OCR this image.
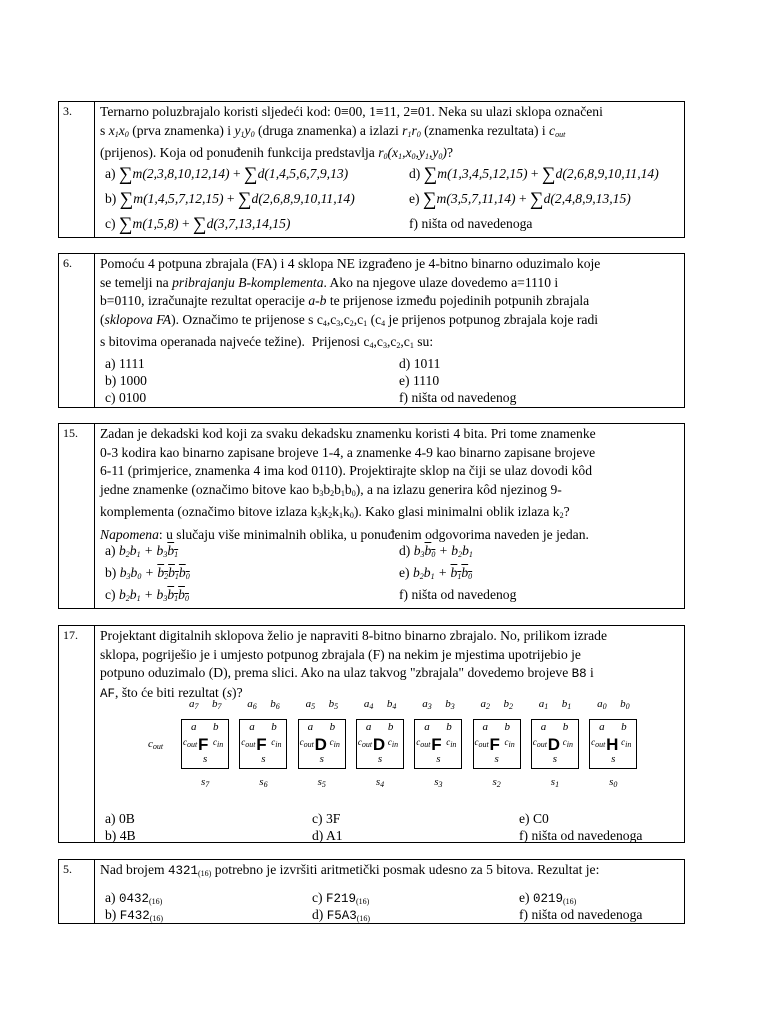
3.	Ternarno poluzbrajalo koristi sljedeći kod: 0≡00, 1≡11, 2≡01. Neka su ulazi sklopa označeni
s $x_1x_0$ (prva znamenka) i $y_1y_0$ (druga znamenka) a izlazi $r_1r_0$ (znamenka rezultata) i $c_{out}$
(prijenos). Koja od ponuđenih funkcija predstavlja $r_0(x_1,x_0,y_1,y_0)$?
a) ∑m(2,3,8,10,12,14) + ∑d(1,4,5,6,7,9,13)
b) ∑m(1,4,5,7,12,15) + ∑d(2,6,8,9,10,11,14)
c) ∑m(1,5,8) + ∑d(3,7,13,14,15)
d) ∑m(1,3,4,5,12,15) + ∑d(2,6,8,9,10,11,14)
e) ∑m(3,5,7,11,14) + ∑d(2,4,8,9,13,15)
f) ništa od navedenoga
6.	Pomoću 4 potpuna zbrajala (FA) i 4 sklopa NE izgrađeno je 4-bitno binarno oduzimalo koje
se temelji na pribrajanju B-komplementa. Ako na njegove ulaze dovedemo a=1110 i
b=0110, izračunajte rezultat operacije a-b te prijenose između pojedinih potpunih zbrajala
(sklopova FA). Označimo te prijenose s $c_4,c_3,c_2,c_1$ ($c_4$ je prijenos potpunog zbrajala koje radi
s bitovima operanada najveće težine).  Prijenosi $c_4,c_3,c_2,c_1$ su:
a) 1111
b) 1000
c) 0100
d) 1011
e) 1110
f) ništa od navedenog
15.	Zadan je dekadski kod koji za svaku dekadsku znamenku koristi 4 bita. Pri tome znamenke
0-3 kodira kao binarno zapisane brojeve 1-4, a znamenke 4-9 kao binarno zapisane brojeve
6-11 (primjerice, znamenka 4 ima kod 0110). Projektirajte sklop na čiji se ulaz dovodi kôd
jedne znamenke (označimo bitove kao $b_3b_2b_1b_0$), a na izlazu generira kôd njezinog 9-
komplementa (označimo bitove izlaza $k_3k_2k_1k_0$). Kako glasi minimalni oblik izlaza $k_2$?
Napomena: u slučaju više minimalnih oblika, u ponuđenim odgovorima naveden je jedan.
a) $b_2b_1 + b_3b_1$
b) $b_3b_0 + b_2b_1b_0$
c) $b_2b_1 + b_3b_1b_0$
d) $b_3b_0 + b_2b_1$
e) $b_2b_1 + b_1b_0$
f) ništa od navedenog
17.	Projektant digitalnih sklopova želio je napraviti 8-bitno binarno zbrajalo. No, prilikom izrade
sklopa, pogriješio je i umjesto potpunog zbrajala (F) na nekim je mjestima upotrijebio je
potpuno oduzimalo (D), prema slici. Ako na ulaz takvog "zbrajala" dovedemo brojeve B8 i
AF, što će biti rezultat (s)?
$c_{out}$
$a_7$ $b_7$
a b
$c_{out}$ $c_{in}$
s
F
$s_7$
$a_6$ $b_6$
a b
$c_{out}$ $c_{in}$
s
F
$s_6$
$a_5$ $b_5$
a b
$c_{out}$ $c_{in}$
s
D
$s_5$
$a_4$ $b_4$
a b
$c_{out}$ $c_{in}$
s
D
$s_4$
$a_3$ $b_3$
a b
$c_{out}$ $c_{in}$
s
F
$s_3$
$a_2$ $b_2$
a b
$c_{out}$ $c_{in}$
s
F
$s_2$
$a_1$ $b_1$
a b
$c_{out}$ $c_{in}$
s
D
$s_1$
$a_0$ $b_0$
a b
$c_{out}$ $c_{in}$
s
H
$s_0$
a) 0B
b) 4B
c) 3F
d) A1
e) C0
f) ništa od navedenoga
5.	Nad brojem $4321_{(16)}$ potrebno je izvršiti aritmetički posmak udesno za 5 bitova. Rezultat je:
a) $0432_{(16)}$
b) $F432_{(16)}$
c) $F219_{(16)}$
d) $F5A3_{(16)}$
e) $0219_{(16)}$
f) ništa od navedenoga
